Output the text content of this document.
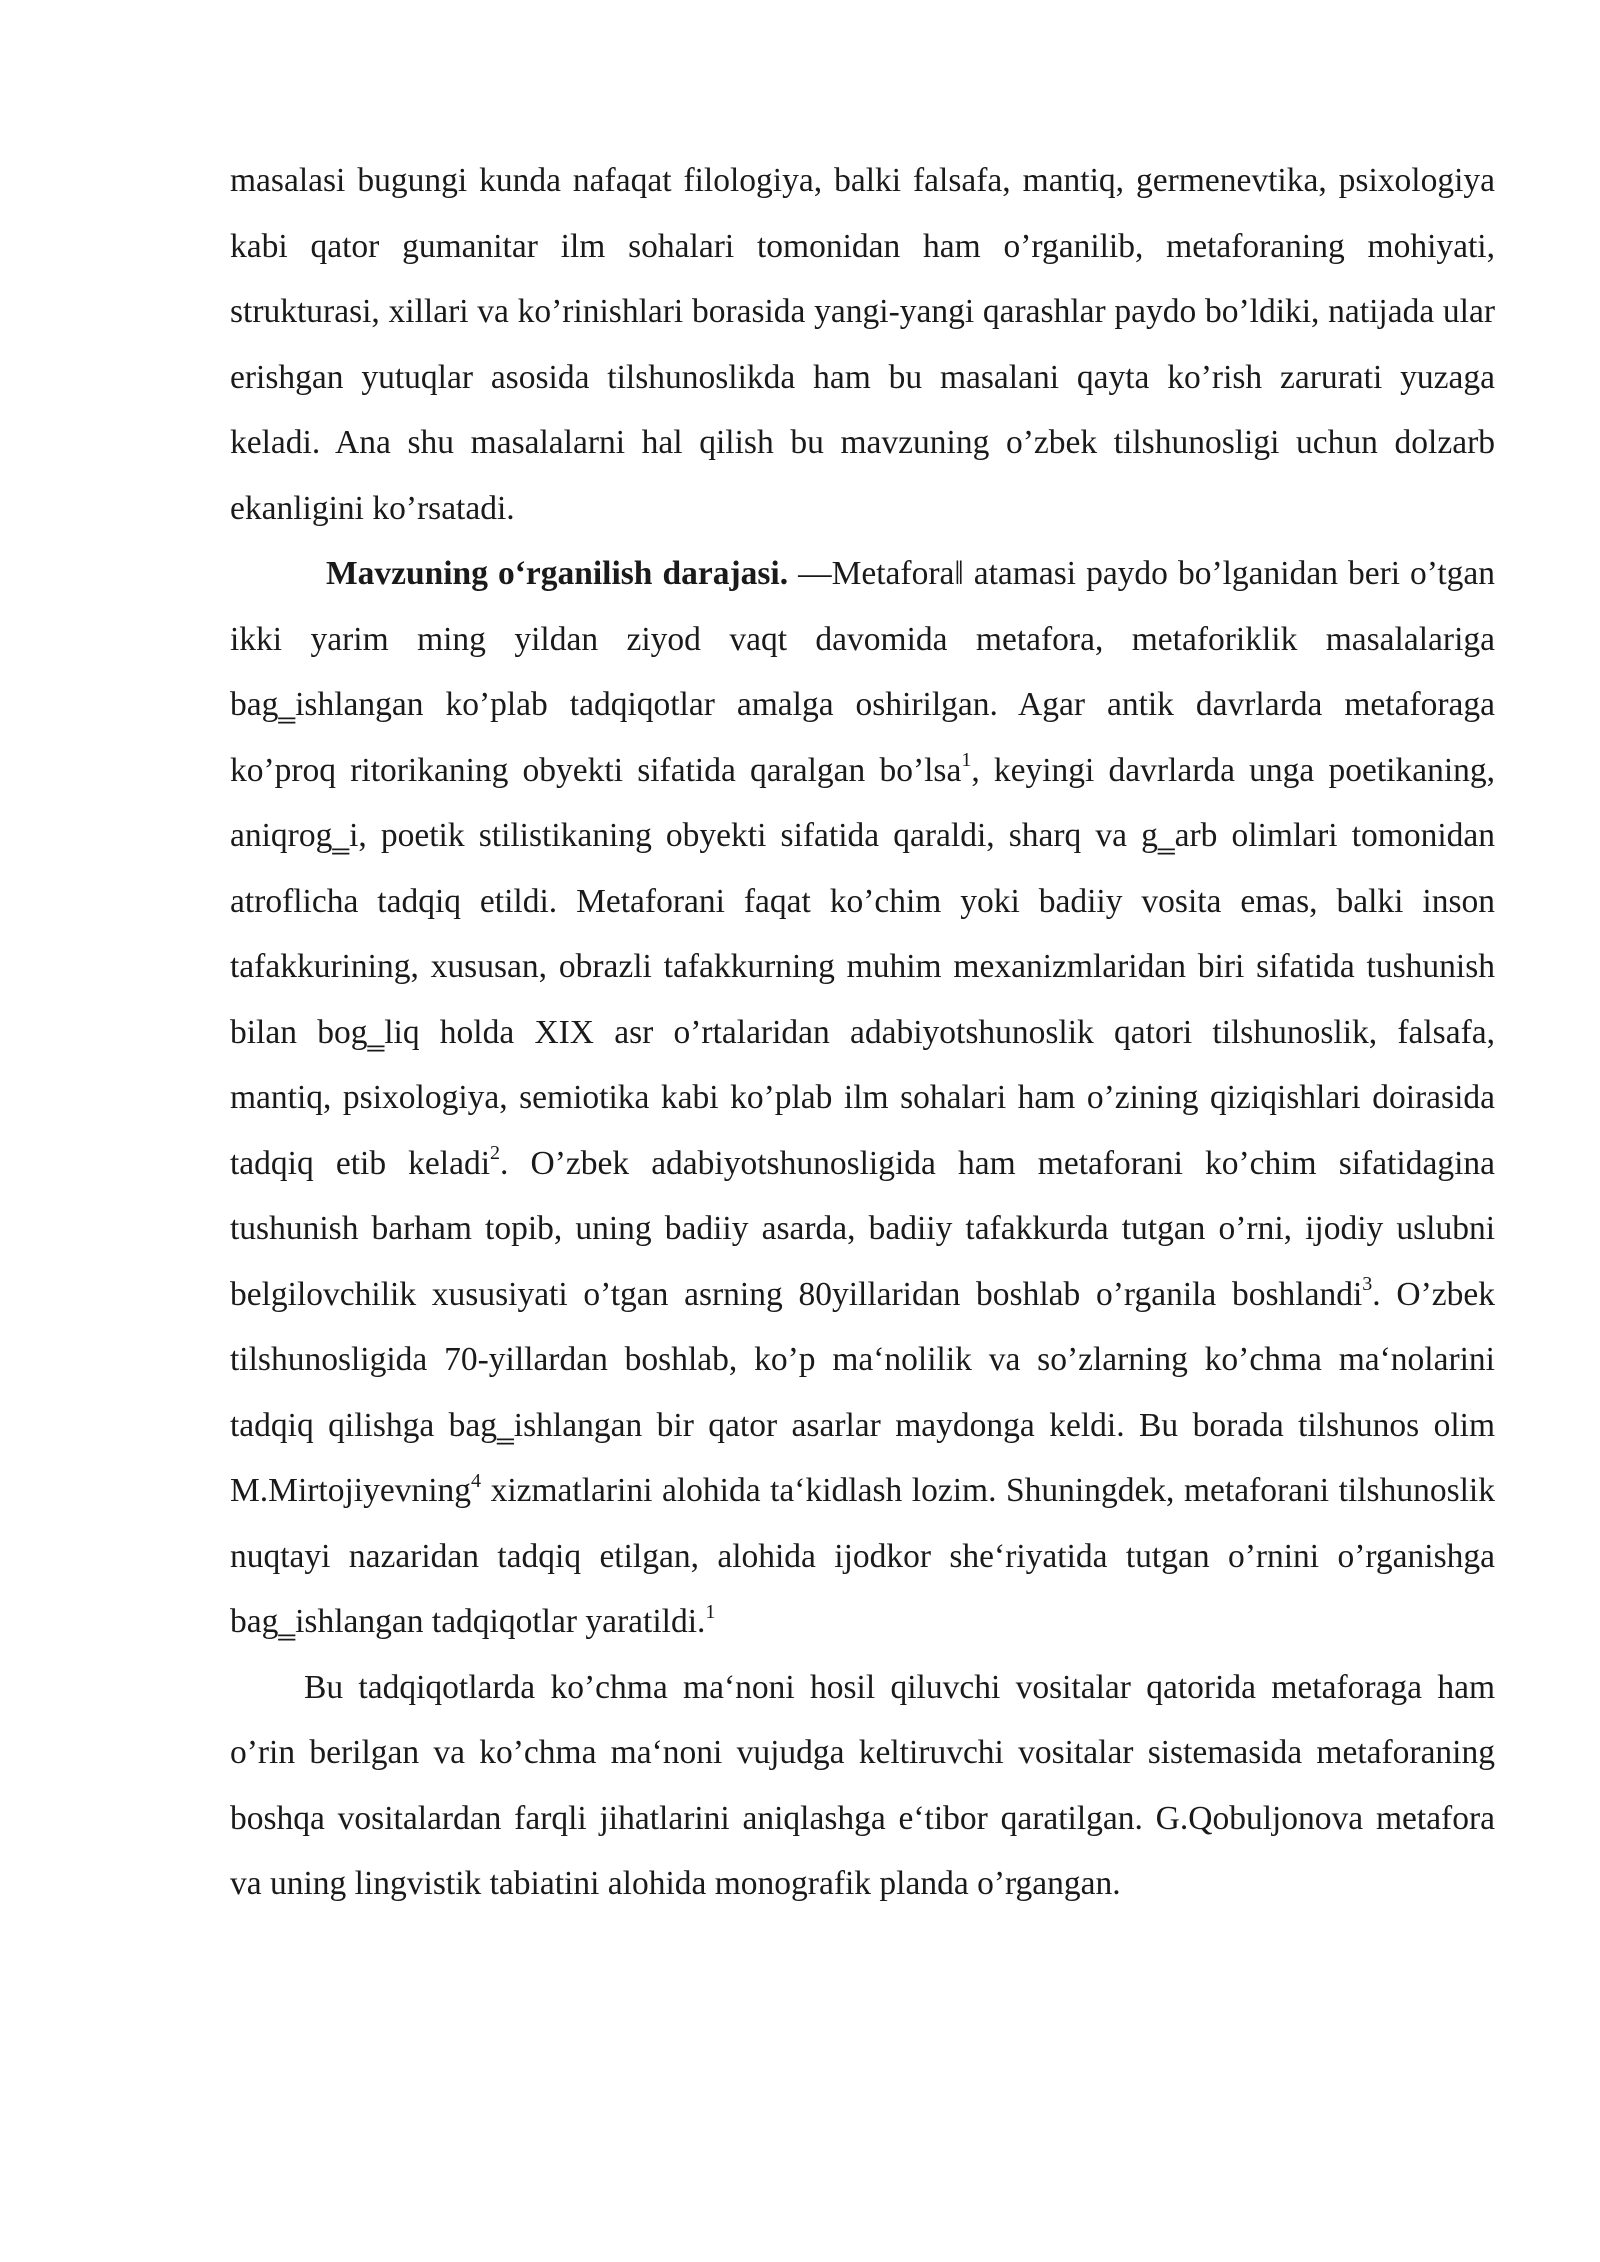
masalasi bugungi kunda nafaqat filologiya, balki falsafa, mantiq, germenevtika, psixologiya kabi qator gumanitar ilm sohalari tomonidan ham o’rganilib, metaforaning mohiyati, strukturasi, xillari va ko’rinishlari borasida yangi-yangi qarashlar paydo bo’ldiki, natijada ular erishgan yutuqlar asosida tilshunoslikda ham bu masalani qayta ko’rish zarurati yuzaga keladi. Ana shu masalalarni hal qilish bu mavzuning o’zbek tilshunosligi uchun dolzarb ekanligini ko’rsatadi.

Mavzuning o‘rganilish darajasi. ―Metafora‖ atamasi paydo bo’lganidan beri o’tgan ikki yarim ming yildan ziyod vaqt davomida metafora, metaforiklik masalalariga bag‗ishlangan ko’plab tadqiqotlar amalga oshirilgan. Agar antik davrlarda metaforaga ko’proq ritorikaning obyekti sifatida qaralgan bo’lsa$^1$, keyingi davrlarda unga poetikaning, aniqrog‗i, poetik stilistikaning obyekti sifatida qaraldi, sharq va g‗arb olimlari tomonidan atroflicha tadqiq etildi. Metaforani faqat ko’chim yoki badiiy vosita emas, balki inson tafakkurining, xususan, obrazli tafakkurning muhim mexanizmlaridan biri sifatida tushunish bilan bog‗liq holda XIX asr o’rtalaridan adabiyotshunoslik qatori tilshunoslik, falsafa, mantiq, psixologiya, semiotika kabi ko’plab ilm sohalari ham o’zining qiziqishlari doirasida tadqiq etib keladi$^2$. O’zbek adabiyotshunosligida ham metaforani ko’chim sifatidagina tushunish barham topib, uning badiiy asarda, badiiy tafakkurda tutgan o’rni, ijodiy uslubni belgilovchilik xususiyati o’tgan asrning 80yillaridan boshlab o’rganila boshlandi$^3$. O’zbek tilshunosligida 70-yillardan boshlab, ko’p ma‘nolilik va so’zlarning ko’chma ma‘nolarini tadqiq qilishga bag‗ishlangan bir qator asarlar maydonga keldi. Bu borada tilshunos olim M.Mirtojiyevning$^4$ xizmatlarini alohida ta‘kidlash lozim. Shuningdek, metaforani tilshunoslik nuqtayi nazaridan tadqiq etilgan, alohida ijodkor she‘riyatida tutgan o’rnini o’rganishga bag‗ishlangan tadqiqotlar yaratildi.$^1$

Bu tadqiqotlarda ko’chma ma‘noni hosil qiluvchi vositalar qatorida metaforaga ham o’rin berilgan va ko’chma ma‘noni vujudga keltiruvchi vositalar sistemasida metaforaning boshqa vositalardan farqli jihatlarini aniqlashga e‘tibor qaratilgan. G.Qobuljonova metafora va uning lingvistik tabiatini alohida monografik planda o’rgangan.
